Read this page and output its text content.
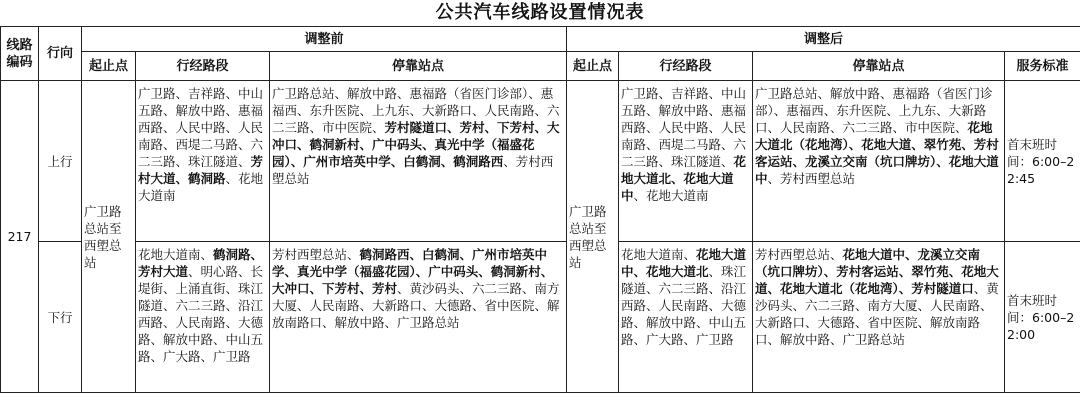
公共汽车线路设置情况表
线路编码	行向	调整前			调整后			
		起止点	行经路段	停靠站点	起止点	行经路段	停靠站点	服务标准
217	上行	广卫路总站至西塱总站	广卫路、吉祥路、中山五路、解放中路、惠福西路、人民中路、人民南路、西堤二马路、六二三路、珠江隧道、芳村大道、鹤洞路、花地大道南	广卫路总站、解放中路、惠福路（省医门诊部）、惠福西、东升医院、上九东、大新路口、人民南路、六二三路、市中医院、芳村隧道口、芳村、下芳村、大冲口、鹤洞新村、广中码头、真光中学（福盛花园）、广州市培英中学、白鹤洞、鹤洞路西、芳村西塱总站	广卫路总站至西塱总站	广卫路、吉祥路、中山五路、解放中路、惠福西路、人民中路、人民南路、西堤二马路、六二三路、珠江隧道、花地大道北、花地大道中、花地大道南	广卫路总站、解放中路、惠福路（省医门诊部）、惠福西、东升医院、上九东、大新路口、人民南路、六二三路、市中医院、花地大道北（花地湾）、花地大道、翠竹苑、芳村客运站、龙溪立交南（坑口牌坊）、花地大道中、芳村西塱总站	首末班时间：6:00–22:45
	下行		花地大道南、鹤洞路、芳村大道、明心路、长堤街、上涌直街、珠江隧道、六二三路、沿江西路、人民南路、大德路、解放中路、中山五路、广大路、广卫路	芳村西塱总站、鹤洞路西、白鹤洞、广州市培英中学、真光中学（福盛花园）、广中码头、鹤洞新村、大冲口、下芳村、芳村、黄沙码头、六二三路、南方大厦、人民南路、大新路口、大德路、省中医院、解放南路口、解放中路、广卫路总站		花地大道南、花地大道中、花地大道北、珠江隧道、六二三路、沿江西路、人民南路、大德路、解放中路、中山五路、广大路、广卫路	芳村西塱总站、花地大道中、龙溪立交南（坑口牌坊）、芳村客运站、翠竹苑、花地大道、花地大道北（花地湾）、芳村隧道口、黄沙码头、六二三路、南方大厦、人民南路、大新路口、大德路、省中医院、解放南路口、解放中路、广卫路总站	首末班时间：6:00–22:00
